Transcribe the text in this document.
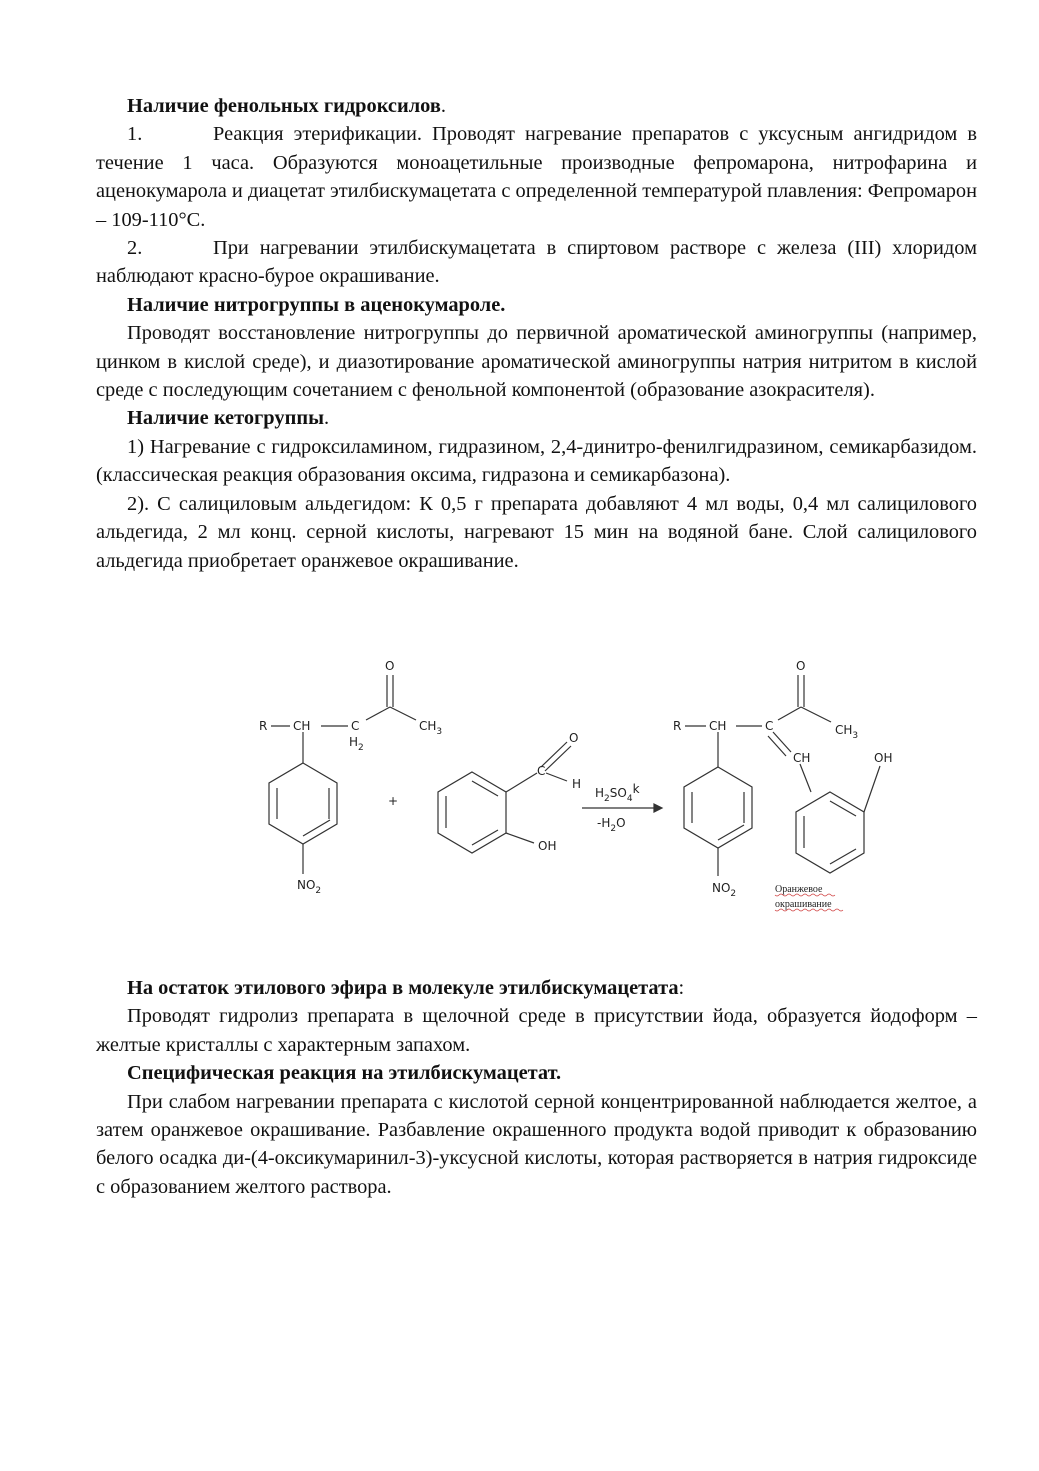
Наличие фенольных гидроксилов.

1.	Реакция этерификации. Проводят нагревание препаратов с уксусным ангидридом в течение 1 часа. Образуются моноацетильные производные фепромарона, нитрофарина и аценокумарола и диацетат этилбискумацетата с определенной температурой плавления: Фепромарон – 109-110°С.

2.	При нагревании этилбискумацетата в спиртовом растворе с железа (III) хлоридом наблюдают красно-бурое окрашивание.

Наличие нитрогруппы в аценокумароле.

Проводят восстановление нитрогруппы до первичной ароматической аминогруппы (например, цинком в кислой среде), и диазотирование ароматической аминогруппы натрия нитритом в кислой среде с последующим сочетанием с фенольной компонентой (образование азокрасителя).

Наличие кетогруппы.

1) Нагревание с гидроксиламином, гидразином, 2,4-динитро-фенилгидразином, семикарбазидом. (классическая реакция образования оксима, гидразона и семикарбазона).

2). С салициловым альдегидом: К 0,5 г препарата добавляют 4 мл воды, 0,4 мл салицилового альдегида, 2 мл конц. серной кислоты, нагревают 15 мин на водяной бане. Слой салицилового альдегида приобретает оранжевое окрашивание.

R CH	C
$H_2$
O
$CH_3$
$NO_2$
+
O
C
H
OH
$H_2SO_4k$
$-H_2O$
R CH	C
O
$CH_3$
CH	OH
$NO_2$	Оранжевое
окрашивание

На остаток этилового эфира в молекуле этилбискумацетата:

Проводят гидролиз препарата в щелочной среде в присутствии йода, образуется йодоформ – желтые кристаллы с характерным запахом.

Специфическая реакция на этилбискумацетат.

При слабом нагревании препарата с кислотой серной концентрированной наблюдается желтое, а затем оранжевое окрашивание. Разбавление окрашенного продукта водой приводит к образованию белого осадка ди-(4-оксикумаринил-3)-уксусной кислоты, которая растворяется в натрия гидроксиде с образованием желтого раствора.
